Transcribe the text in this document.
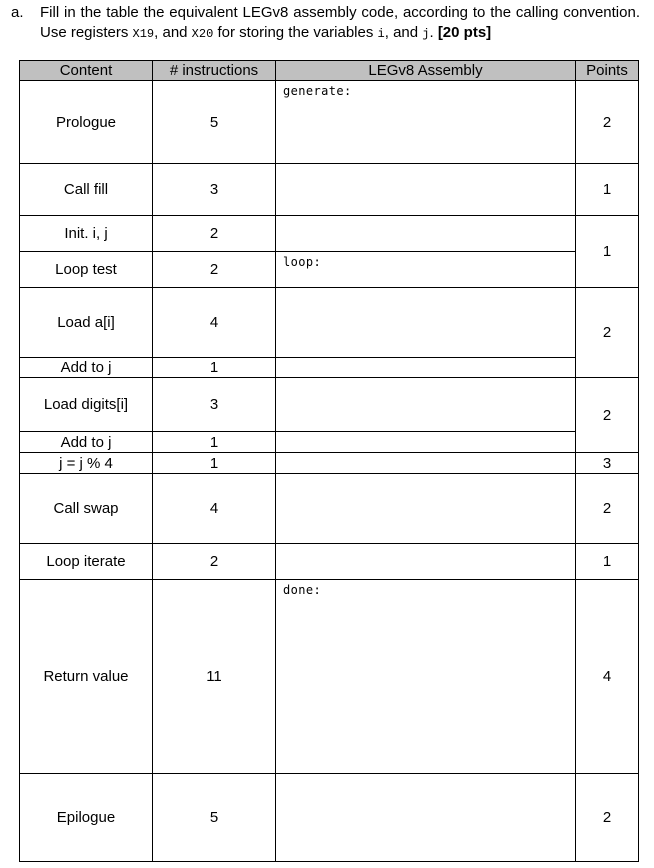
a. Fill in the table the equivalent LEGv8 assembly code, according to the calling convention. Use registers X19, and X20 for storing the variables i, and j. [20 pts]
Content	# instructions	LEGv8 Assembly	Points
Prologue	5	generate:	2
Call fill	3		1
Init. i, j	2		1
Loop test	2	loop:	

Load a[i]	4		2
Add to j	1		
Load digits[i]	3		2
Add to j	1		
j = j % 4	1		3
Call swap	4		2
Loop iterate	2		1
Return value	11	done:	4
Epilogue	5		2
